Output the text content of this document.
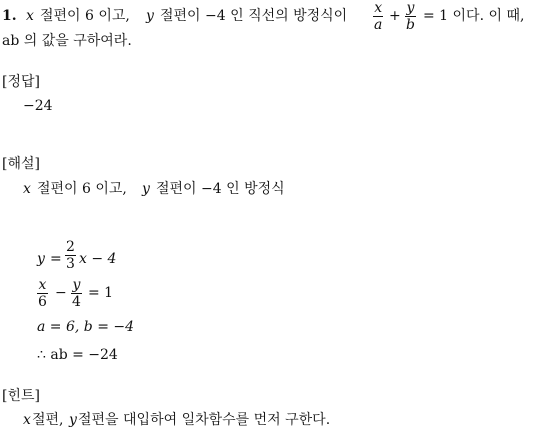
1. x 절편이 6 이고, y 절편이 −4 인 직선의 방정식이 x
a
+ y
b
= 1 이다. 이 때,
ab 의 값을 구하여라.
[정답]
−24
[해설]
x 절편이 6 이고, y 절편이 −4 인 방정식
y =
2
3 x − 4
x
6
− y
4
= 1
a = 6, b = −4
∴ ab = −24
[힌트]
x 절편, y 절편을 대입하여 일차함수를 먼저 구한다.
